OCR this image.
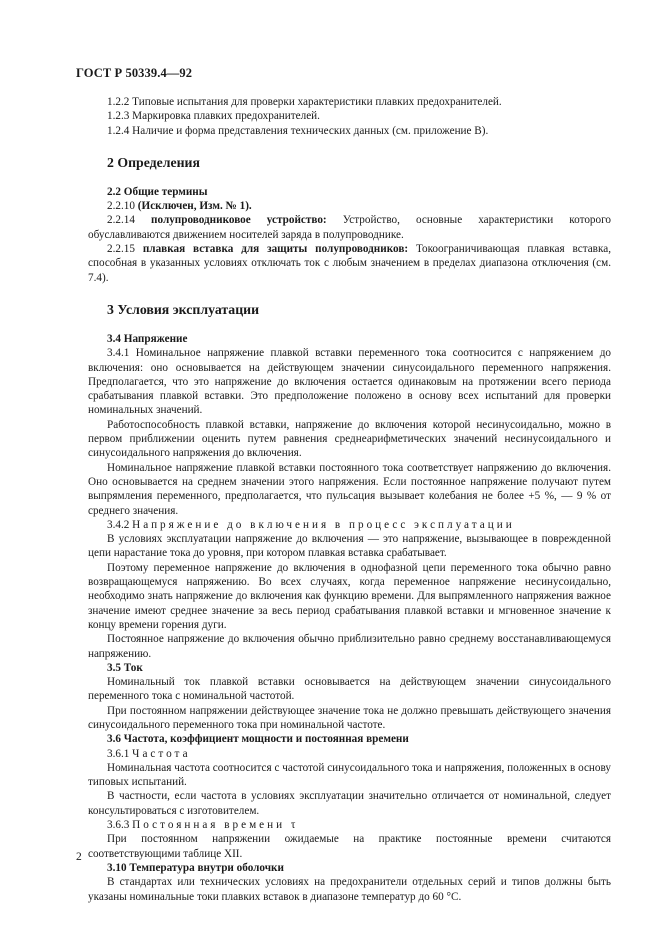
ГОСТ Р 50339.4—92

1.2.2 Типовые испытания для проверки характеристики плавких предохранителей.

1.2.3 Маркировка плавких предохранителей.

1.2.4 Наличие и форма представления технических данных (см. приложение В).

2 Определения
2.2 Общие термины

2.2.10 (Исключен, Изм. № 1).

2.2.14 полупроводниковое устройство: Устройство, основные характеристики которого обуславливаются движением носителей заряда в полупроводнике.

2.2.15 плавкая вставка для защиты полупроводников: Токоограничивающая плавкая вставка, способная в указанных условиях отключать ток с любым значением в пределах диапазона отключения (см. 7.4).

3 Условия эксплуатации
3.4 Напряжение

3.4.1 Номинальное напряжение плавкой вставки переменного тока соотносится с напряжением до включения: оно основывается на действующем значении синусоидального переменного напряжения. Предполагается, что это напряжение до включения остается одинаковым на протяжении всего периода срабатывания плавкой вставки. Это предположение положено в основу всех испытаний для проверки номинальных значений.

Работоспособность плавкой вставки, напряжение до включения которой несинусоидально, можно в первом приближении оценить путем равнения среднеарифметических значений несинусоидального и синусоидального напряжения до включения.

Номинальное напряжение плавкой вставки постоянного тока соответствует напряжению до включения. Оно основывается на среднем значении этого напряжения. Если постоянное напряжение получают путем выпрямления переменного, предполагается, что пульсация вызывает колебания не более +5 %, — 9 % от среднего значения.

3.4.2 Напряжение до включения в процесс эксплуатации

В условиях эксплуатации напряжение до включения — это напряжение, вызывающее в поврежденной цепи нарастание тока до уровня, при котором плавкая вставка срабатывает.

Поэтому переменное напряжение до включения в однофазной цепи переменного тока обычно равно возвращающемуся напряжению. Во всех случаях, когда переменное напряжение несинусоидально, необходимо знать напряжение до включения как функцию времени. Для выпрямленного напряжения важное значение имеют среднее значение за весь период срабатывания плавкой вставки и мгновенное значение к концу времени горения дуги.

Постоянное напряжение до включения обычно приблизительно равно среднему восстанавливающемуся напряжению.

3.5 Ток

Номинальный ток плавкой вставки основывается на действующем значении синусоидального переменного тока с номинальной частотой.

При постоянном напряжении действующее значение тока не должно превышать действующего значения синусоидального переменного тока при номинальной частоте.

3.6 Частота, коэффициент мощности и постоянная времени

3.6.1 Частота

Номинальная частота соотносится с частотой синусоидального тока и напряжения, положенных в основу типовых испытаний.

В частности, если частота в условиях эксплуатации значительно отличается от номинальной, следует консультироваться с изготовителем.

3.6.3 Постоянная времени τ

При постоянном напряжении ожидаемые на практике постоянные времени считаются соответствующими таблице XII.

3.10 Температура внутри оболочки

В стандартах или технических условиях на предохранители отдельных серий и типов должны быть указаны номинальные токи плавких вставок в диапазоне температур до 60 °С.

2
